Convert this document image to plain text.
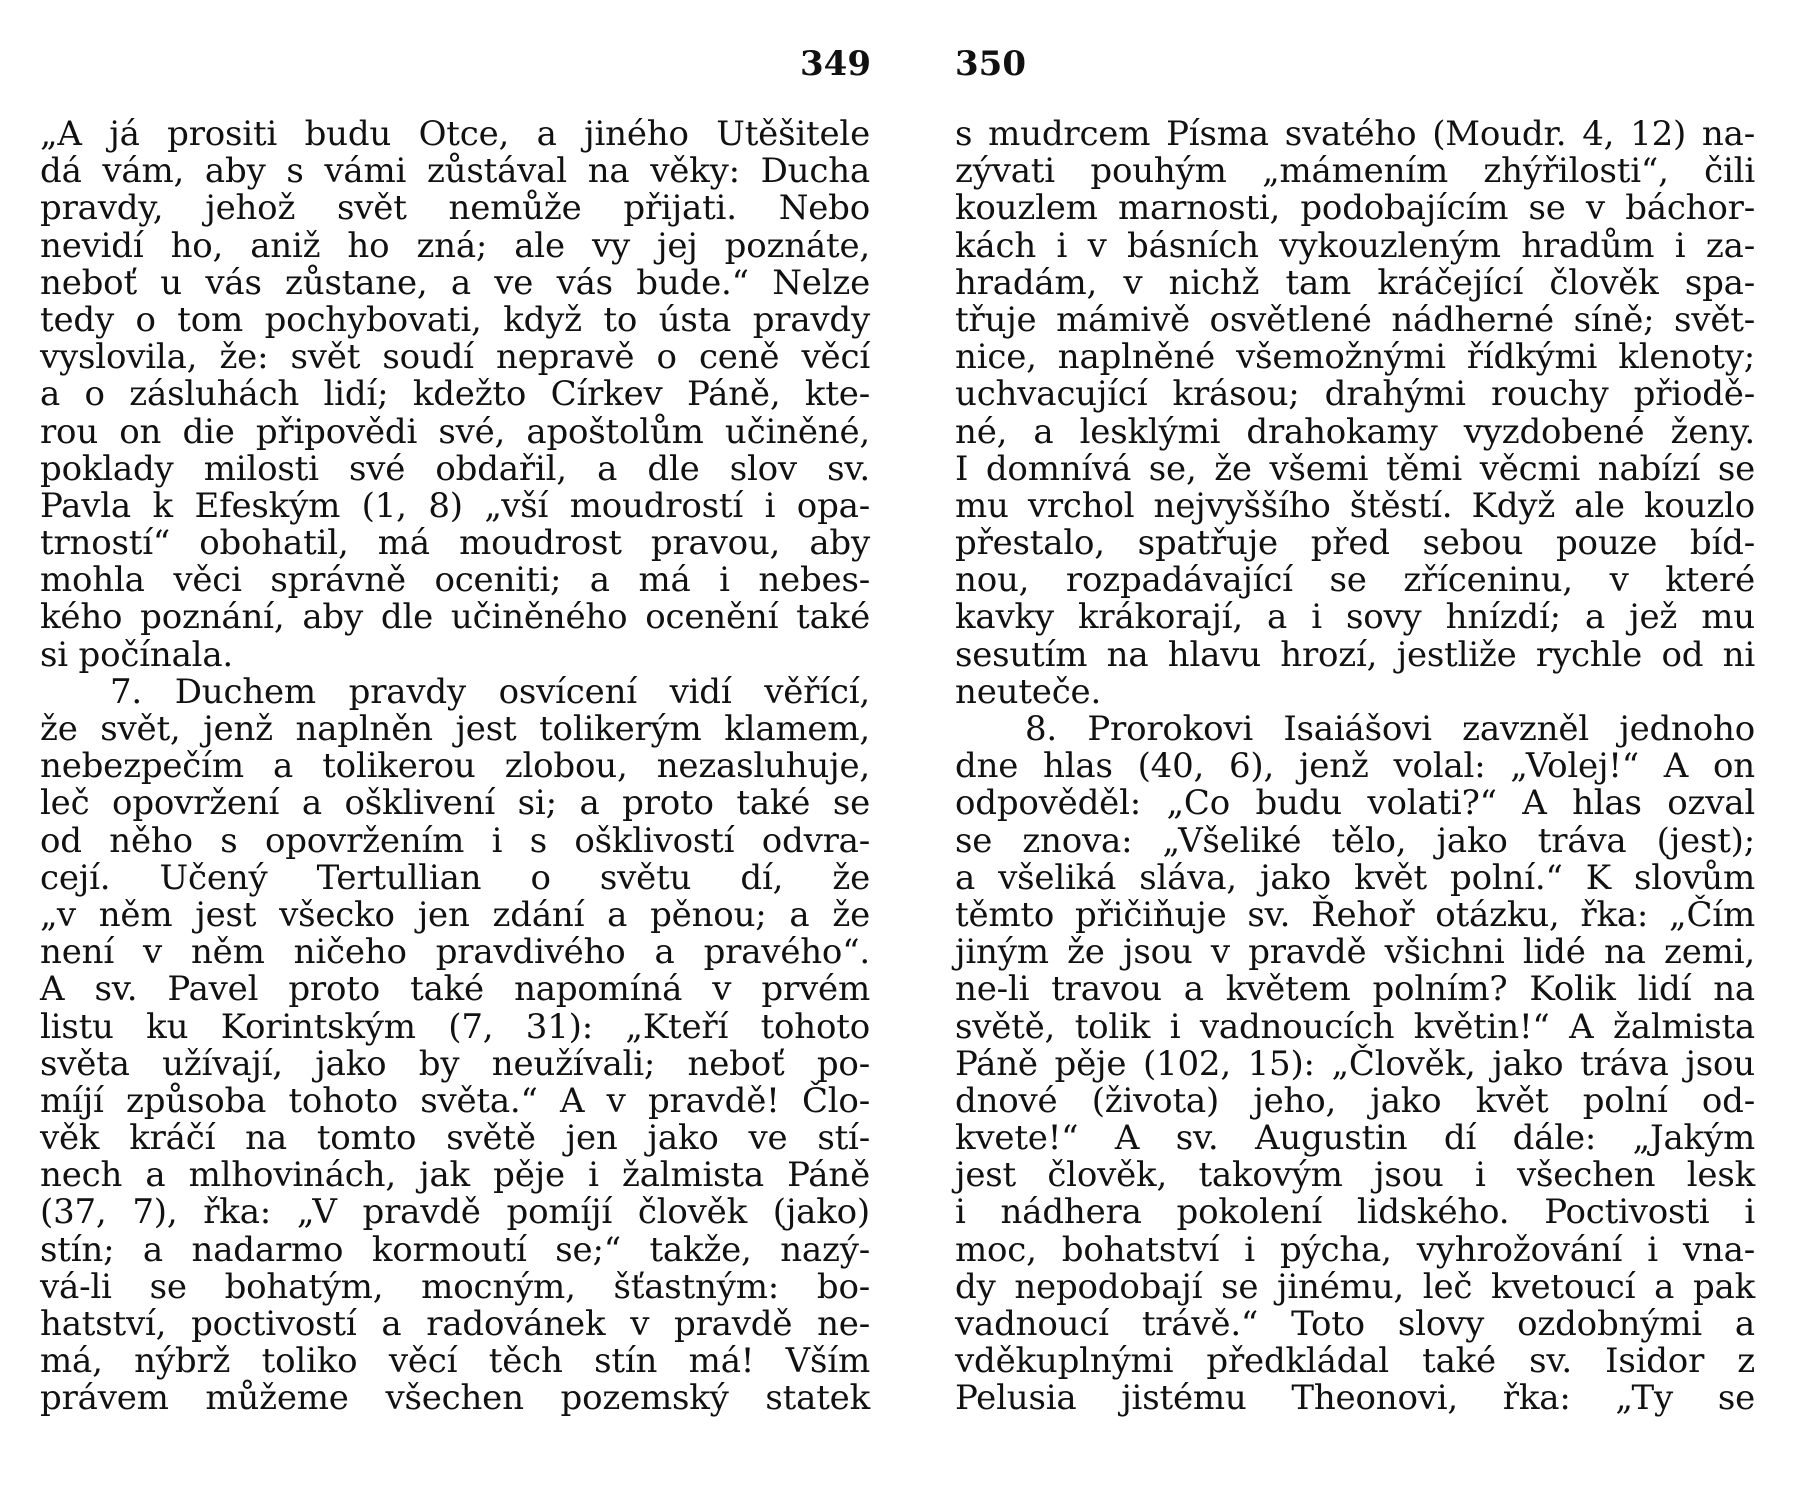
349
„A já prositi budu Otce, a jiného Utěšitele
dá vám, aby s vámi zůstával na věky: Ducha
pravdy, jehož svět nemůže přijati. Nebo
nevidí ho, aniž ho zná; ale vy jej poznáte,
neboť u vás zůstane, a ve vás bude.“ Nelze
tedy o tom pochybovati, když to ústa pravdy
vyslovila, že: svět soudí nepravě o ceně věcí
a o zásluhách lidí; kdežto Církev Páně, kte-
rou on die připovědi své, apoštolům učiněné,
poklady milosti své obdařil, a dle slov sv.
Pavla k Efeským (1, 8) „vší moudrostí i opa-
trností“ obohatil, má moudrost pravou, aby
mohla věci správně oceniti; a má i nebes-
kého poznání, aby dle učiněného ocenění také
si počínala.
7. Duchem pravdy osvícení vidí věřící,
že svět, jenž naplněn jest tolikerým klamem,
nebezpečím a tolikerou zlobou, nezasluhuje,
leč opovržení a ošklivení si; a proto také se
od něho s opovržením i s ošklivostí odvra-
cejí. Učený Tertullian o světu dí, že
„v něm jest všecko jen zdání a pěnou; a že
není v něm ničeho pravdivého a pravého“.
A sv. Pavel proto také napomíná v prvém
listu ku Korintským (7, 31): „Kteří tohoto
světa užívají, jako by neužívali; neboť po-
míjí způsoba tohoto světa.“ A v pravdě! Člo-
věk kráčí na tomto světě jen jako ve stí-
nech a mlhovinách, jak pěje i žalmista Páně
(37, 7), řka: „V pravdě pomíjí člověk (jako)
stín; a nadarmo kormoutí se;“ takže, nazý-
vá-li se bohatým, mocným, šťastným: bo-
hatství, poctivostí a radovánek v pravdě ne-
má, nýbrž toliko věcí těch stín má! Vším
právem můžeme všechen pozemský statek
350
s mudrcem Písma svatého (Moudr. 4, 12) na-
zývati pouhým „mámením zhýřilosti“, čili
kouzlem marnosti, podobajícím se v báchor-
kách i v básních vykouzleným hradům i za-
hradám, v nichž tam kráčející člověk spa-
třuje mámivě osvětlené nádherné síně; svět-
nice, naplněné všemožnými řídkými klenoty;
uchvacující krásou; drahými rouchy přiodě-
né, a lesklými drahokamy vyzdobené ženy.
I domnívá se, že všemi těmi věcmi nabízí se
mu vrchol nejvyššího štěstí. Když ale kouzlo
přestalo, spatřuje před sebou pouze bíd-
nou, rozpadávající se zříceninu, v které
kavky krákorají, a i sovy hnízdí; a jež mu
sesutím na hlavu hrozí, jestliže rychle od ni
neuteče.
8. Prorokovi Isaiášovi zavzněl jednoho
dne hlas (40, 6), jenž volal: „Volej!“ A on
odpověděl: „Co budu volati?“ A hlas ozval
se znova: „Všeliké tělo, jako tráva (jest);
a všeliká sláva, jako květ polní.“ K slovům
těmto přičiňuje sv. Řehoř otázku, řka: „Čím
jiným že jsou v pravdě všichni lidé na zemi,
ne-li travou a květem polním? Kolik lidí na
světě, tolik i vadnoucích květin!“ A žalmista
Páně pěje (102, 15): „Člověk, jako tráva jsou
dnové (života) jeho, jako květ polní od-
kvete!“ A sv. Augustin dí dále: „Jakým
jest člověk, takovým jsou i všechen lesk
i nádhera pokolení lidského. Poctivosti i
moc, bohatství i pýcha, vyhrožování i vna-
dy nepodobají se jinému, leč kvetoucí a pak
vadnoucí trávě.“ Toto slovy ozdobnými a
vděkuplnými předkládal také sv. Isidor z
Pelusia jistému Theonovi, řka: „Ty se
